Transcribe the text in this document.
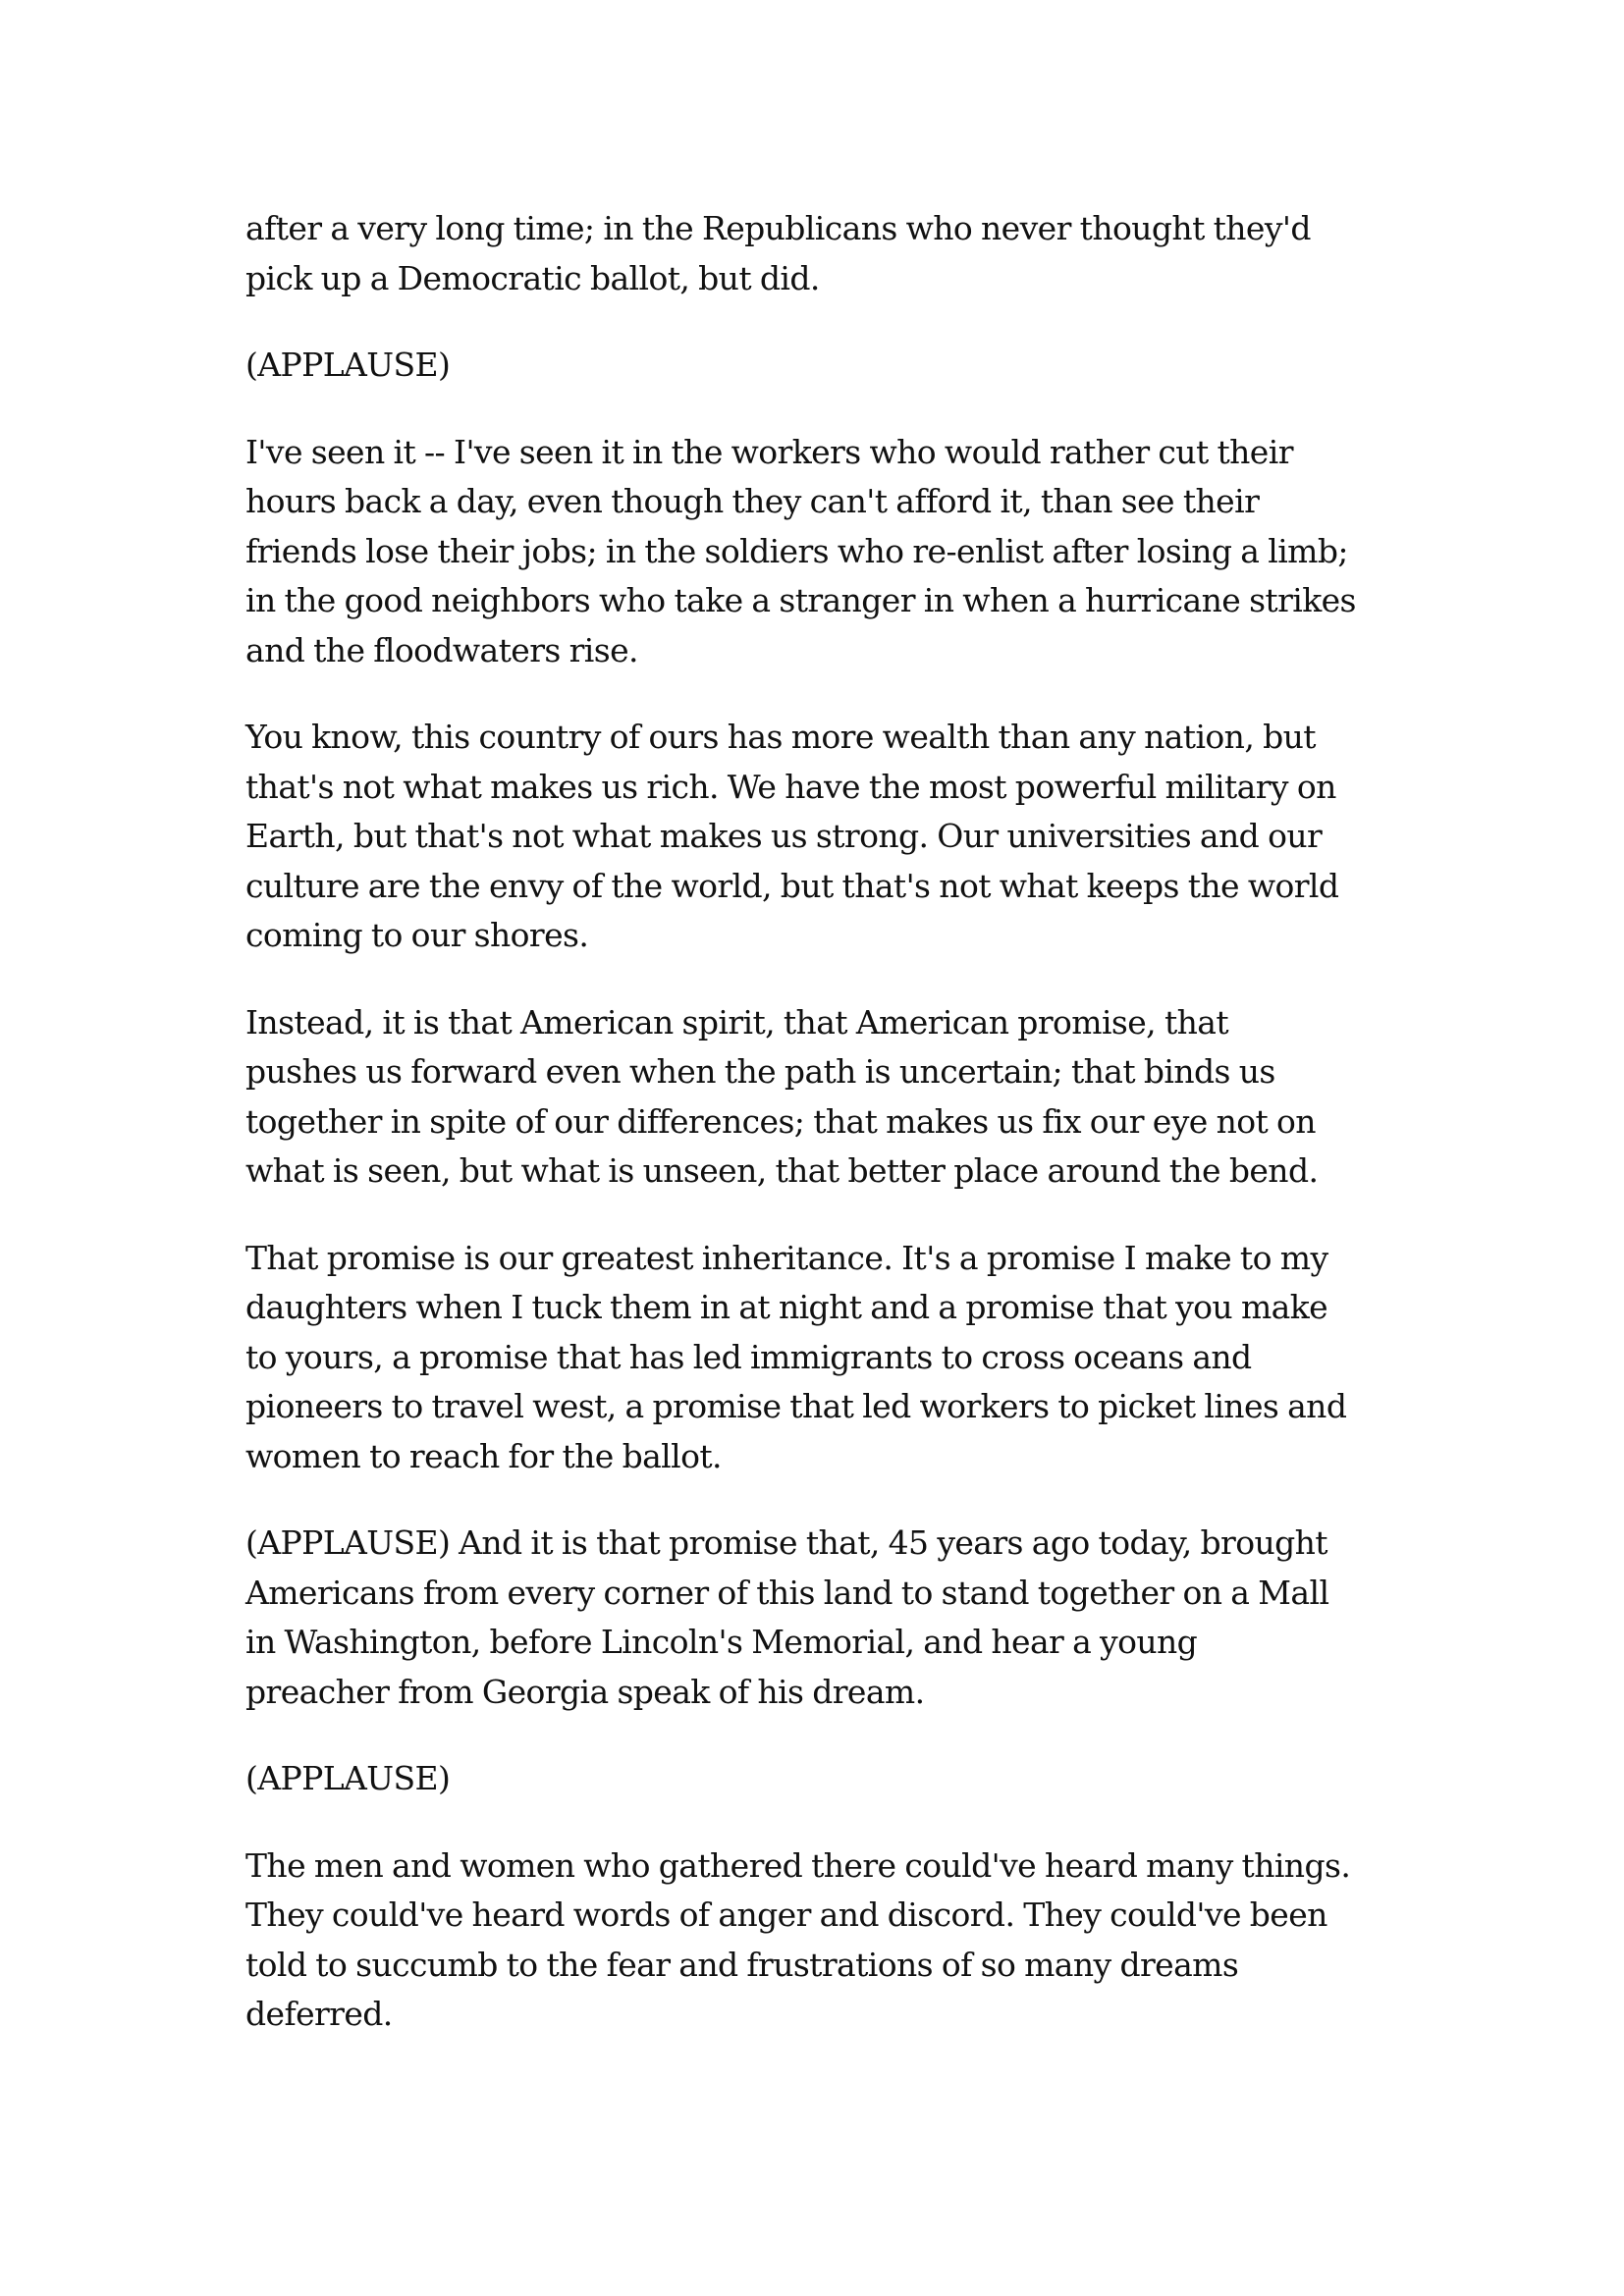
after a very long time; in the Republicans who never thought they'd
pick up a Democratic ballot, but did.

(APPLAUSE)

I've seen it -- I've seen it in the workers who would rather cut their
hours back a day, even though they can't afford it, than see their
friends lose their jobs; in the soldiers who re-enlist after losing a limb;
in the good neighbors who take a stranger in when a hurricane strikes
and the floodwaters rise.

You know, this country of ours has more wealth than any nation, but
that's not what makes us rich. We have the most powerful military on
Earth, but that's not what makes us strong. Our universities and our
culture are the envy of the world, but that's not what keeps the world
coming to our shores.

Instead, it is that American spirit, that American promise, that
pushes us forward even when the path is uncertain; that binds us
together in spite of our differences; that makes us fix our eye not on
what is seen, but what is unseen, that better place around the bend.

That promise is our greatest inheritance. It's a promise I make to my
daughters when I tuck them in at night and a promise that you make
to yours, a promise that has led immigrants to cross oceans and
pioneers to travel west, a promise that led workers to picket lines and
women to reach for the ballot.

(APPLAUSE) And it is that promise that, 45 years ago today, brought
Americans from every corner of this land to stand together on a Mall
in Washington, before Lincoln's Memorial, and hear a young
preacher from Georgia speak of his dream.

(APPLAUSE)

The men and women who gathered there could've heard many things.
They could've heard words of anger and discord. They could've been
told to succumb to the fear and frustrations of so many dreams
deferred.
